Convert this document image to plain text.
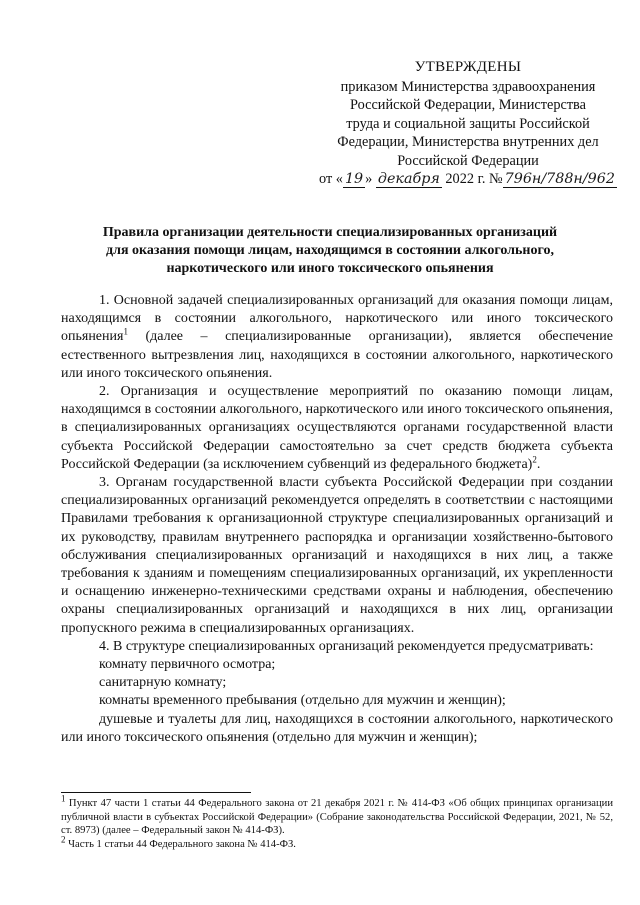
УТВЕРЖДЕНЫ
приказом Министерства здравоохранения
Российской Федерации, Министерства
труда и социальной защиты Российской
Федерации, Министерства внутренних дел
Российской Федерации
от « 19 » декабря 2022 г. № 796н/788н/962
Правила организации деятельности специализированных организаций
для оказания помощи лицам, находящимся в состоянии алкогольного,
наркотического или иного токсического опьянения

1. Основной задачей специализированных организаций для оказания помощи лицам, находящимся в состоянии алкогольного, наркотического или иного токсического опьянения$^1$ (далее – специализированные организации), является обеспечение естественного вытрезвления лиц, находящихся в состоянии алкогольного, наркотического или иного токсического опьянения.

2. Организация и осуществление мероприятий по оказанию помощи лицам, находящимся в состоянии алкогольного, наркотического или иного токсического опьянения, в специализированных организациях осуществляются органами государственной власти субъекта Российской Федерации самостоятельно за счет средств бюджета субъекта Российской Федерации (за исключением субвенций из федерального бюджета)$^2$.

3. Органам государственной власти субъекта Российской Федерации при создании специализированных организаций рекомендуется определять в соответствии с настоящими Правилами требования к организационной структуре специализированных организаций и их руководству, правилам внутреннего распорядка и организации хозяйственно-бытового обслуживания специализированных организаций и находящихся в них лиц, а также требования к зданиям и помещениям специализированных организаций, их укрепленности и оснащению инженерно-техническими средствами охраны и наблюдения, обеспечению охраны специализированных организаций и находящихся в них лиц, организации пропускного режима в специализированных организациях.

4. В структуре специализированных организаций рекомендуется предусматривать:

комнату первичного осмотра;

санитарную комнату;

комнаты временного пребывания (отдельно для мужчин и женщин);

душевые и туалеты для лиц, находящихся в состоянии алкогольного, наркотического или иного токсического опьянения (отдельно для мужчин и женщин);

$^1$ Пункт 47 части 1 статьи 44 Федерального закона от 21 декабря 2021 г. № 414-ФЗ «Об общих принципах организации публичной власти в субъектах Российской Федерации» (Собрание законодательства Российской Федерации, 2021, № 52, ст. 8973) (далее – Федеральный закон № 414-ФЗ).

$^2$ Часть 1 статьи 44 Федерального закона № 414-ФЗ.
